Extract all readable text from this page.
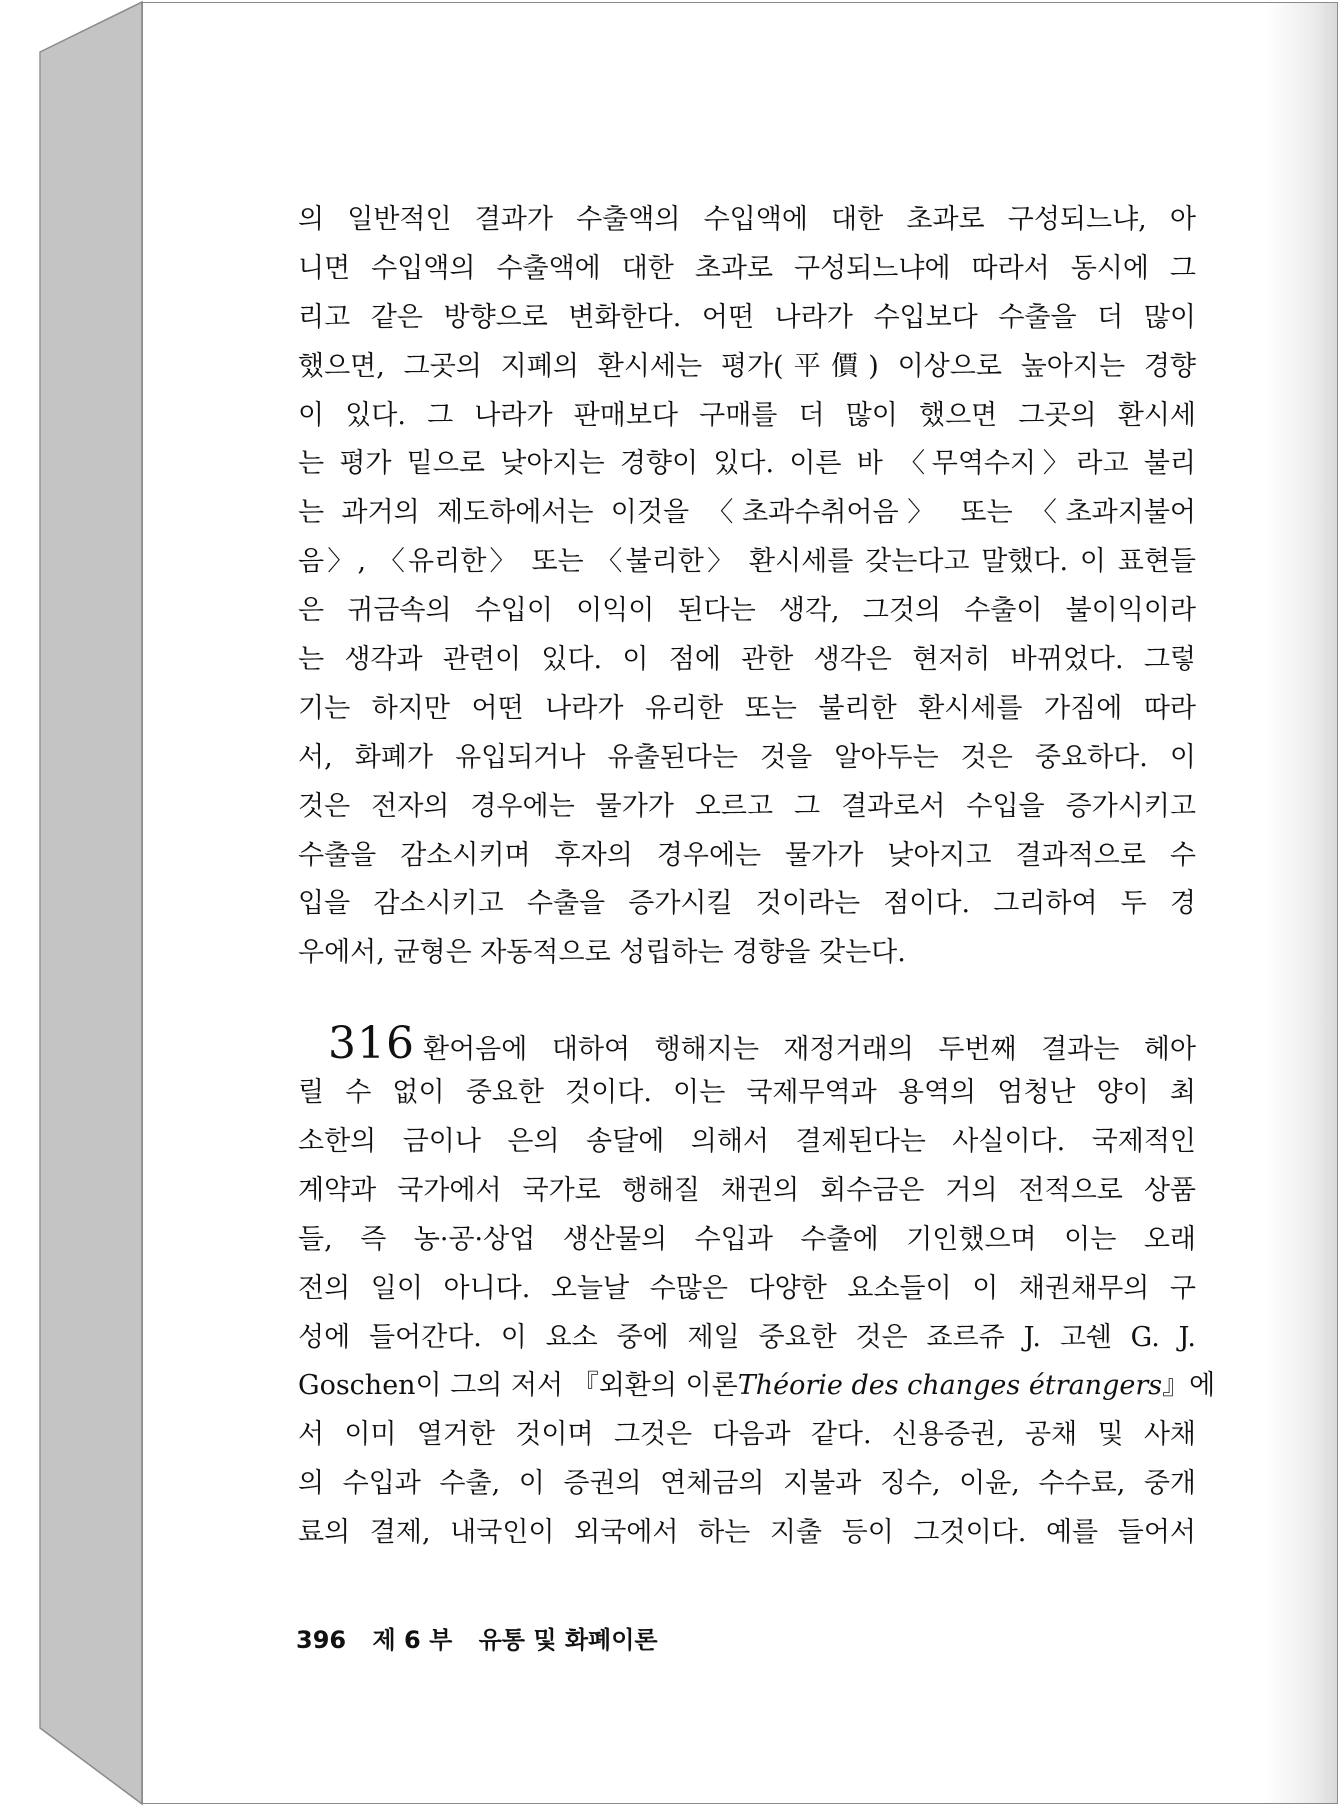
의 일반적인 결과가 수출액의 수입액에 대한 초과로 구성되느냐, 아
니면 수입액의 수출액에 대한 초과로 구성되느냐에 따라서 동시에 그
리고 같은 방향으로 변화한다. 어떤 나라가 수입보다 수출을 더 많이
했으면, 그곳의 지폐의 환시세는 평가(平價) 이상으로 높아지는 경향
이 있다. 그 나라가 판매보다 구매를 더 많이 했으면 그곳의 환시세
는 평가 밑으로 낮아지는 경향이 있다. 이른 바 〈무역수지〉라고 불리
는 과거의 제도하에서는 이것을 〈초과수취어음〉 또는 〈초과지불어
음〉, 〈유리한〉 또는 〈불리한〉 환시세를 갖는다고 말했다. 이 표현들
은 귀금속의 수입이 이익이 된다는 생각, 그것의 수출이 불이익이라
는 생각과 관련이 있다. 이 점에 관한 생각은 현저히 바뀌었다. 그렇
기는 하지만 어떤 나라가 유리한 또는 불리한 환시세를 가짐에 따라
서, 화폐가 유입되거나 유출된다는 것을 알아두는 것은 중요하다. 이
것은 전자의 경우에는 물가가 오르고 그 결과로서 수입을 증가시키고
수출을 감소시키며 후자의 경우에는 물가가 낮아지고 결과적으로 수
입을 감소시키고 수출을 증가시킬 것이라는 점이다. 그리하여 두 경
우에서, 균형은 자동적으로 성립하는 경향을 갖는다.
316 환어음에 대하여 행해지는 재정거래의 두번째 결과는 헤아
릴 수 없이 중요한 것이다. 이는 국제무역과 용역의 엄청난 양이 최
소한의 금이나 은의 송달에 의해서 결제된다는 사실이다. 국제적인
계약과 국가에서 국가로 행해질 채권의 회수금은 거의 전적으로 상품
들, 즉 농·공·상업 생산물의 수입과 수출에 기인했으며 이는 오래
전의 일이 아니다. 오늘날 수많은 다양한 요소들이 이 채권채무의 구
성에 들어간다. 이 요소 중에 제일 중요한 것은 죠르쥬 J. 고쉔 G. J.
Goschen이 그의 저서 『외환의 이론Théorie des changes étrangers』에
서 이미 열거한 것이며 그것은 다음과 같다. 신용증권, 공채 및 사채
의 수입과 수출, 이 증권의 연체금의 지불과 징수, 이윤, 수수료, 중개
료의 결제, 내국인이 외국에서 하는 지출 등이 그것이다. 예를 들어서
396 제 6 부 유통 및 화폐이론
